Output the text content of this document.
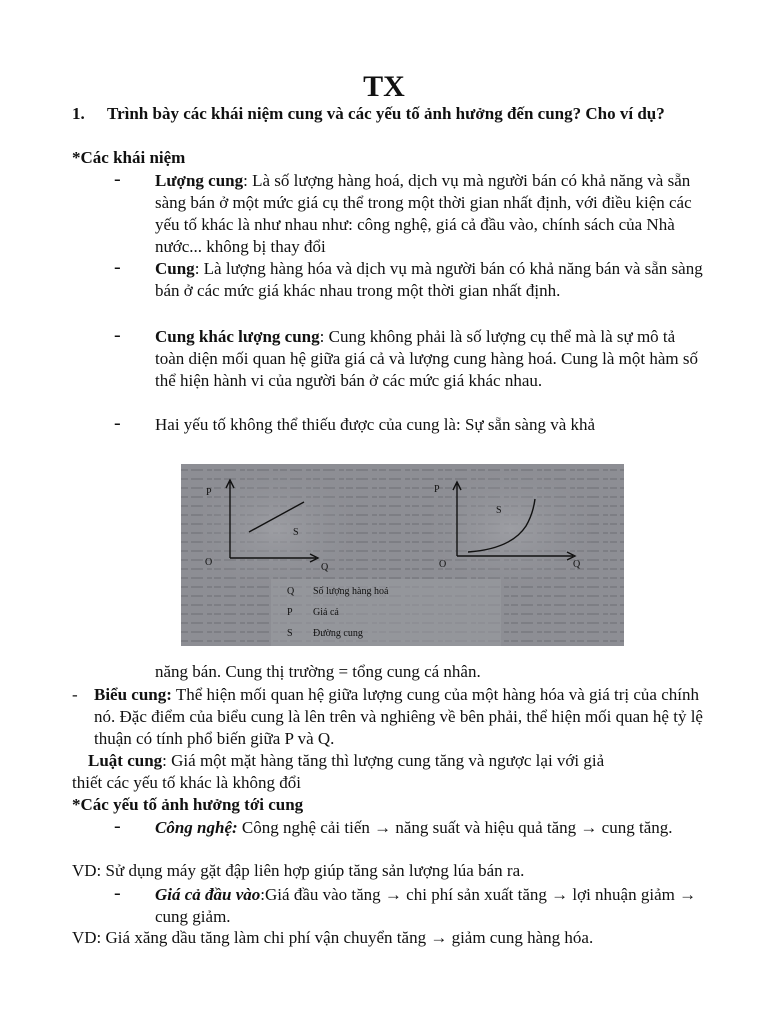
TX
1.	Trình bày các khái niệm cung và các yếu tố ảnh hưởng đến cung? Cho ví dụ?
*Các khái niệm
-	Lượng cung: Là số lượng hàng hoá, dịch vụ mà người bán có khả năng và sẵn sàng bán ở một mức giá cụ thể trong một thời gian nhất định, với điều kiện các yếu tố khác là như nhau như: công nghệ, giá cả đầu vào, chính sách của Nhà nước... không bị thay đổi
-	Cung: Là lượng hàng hóa và dịch vụ mà người bán có khả năng bán và sẵn sàng bán ở các mức giá khác nhau trong một thời gian nhất định.
-	Cung khác lượng cung: Cung không phải là số lượng cụ thể mà là sự mô tả toàn diện mối quan hệ giữa giá cả và lượng cung hàng hoá. Cung là một hàm số thể hiện hành vi của người bán ở các mức giá khác nhau.
-	Hai yếu tố không thể thiếu được của cung là: Sự sẵn sàng và khả
P
Q
O
S
P
Q
O
S
Q Số lượng hàng hoá
P Giá cả
S Đường cung
năng bán. Cung thị trường = tổng cung cá nhân.
- Biểu cung: Thể hiện mối quan hệ giữa lượng cung của một hàng hóa và giá trị của chính nó. Đặc điểm của biểu cung là lên trên và nghiêng về bên phải, thể hiện mối quan hệ tỷ lệ thuận có tính phổ biến giữa P và Q.
Luật cung: Giá một mặt hàng tăng thì lượng cung tăng và ngược lại với giả
thiết các yếu tố khác là không đổi
*Các yếu tố ảnh hưởng tới cung
-	Công nghệ: Công nghệ cải tiến → năng suất và hiệu quả tăng → cung tăng.
VD: Sử dụng máy gặt đập liên hợp giúp tăng sản lượng lúa bán ra.
-	Giá cả đầu vào:Giá đầu vào tăng → chi phí sản xuất tăng → lợi nhuận giảm → cung giảm.
VD: Giá xăng dầu tăng làm chi phí vận chuyển tăng → giảm cung hàng hóa.
